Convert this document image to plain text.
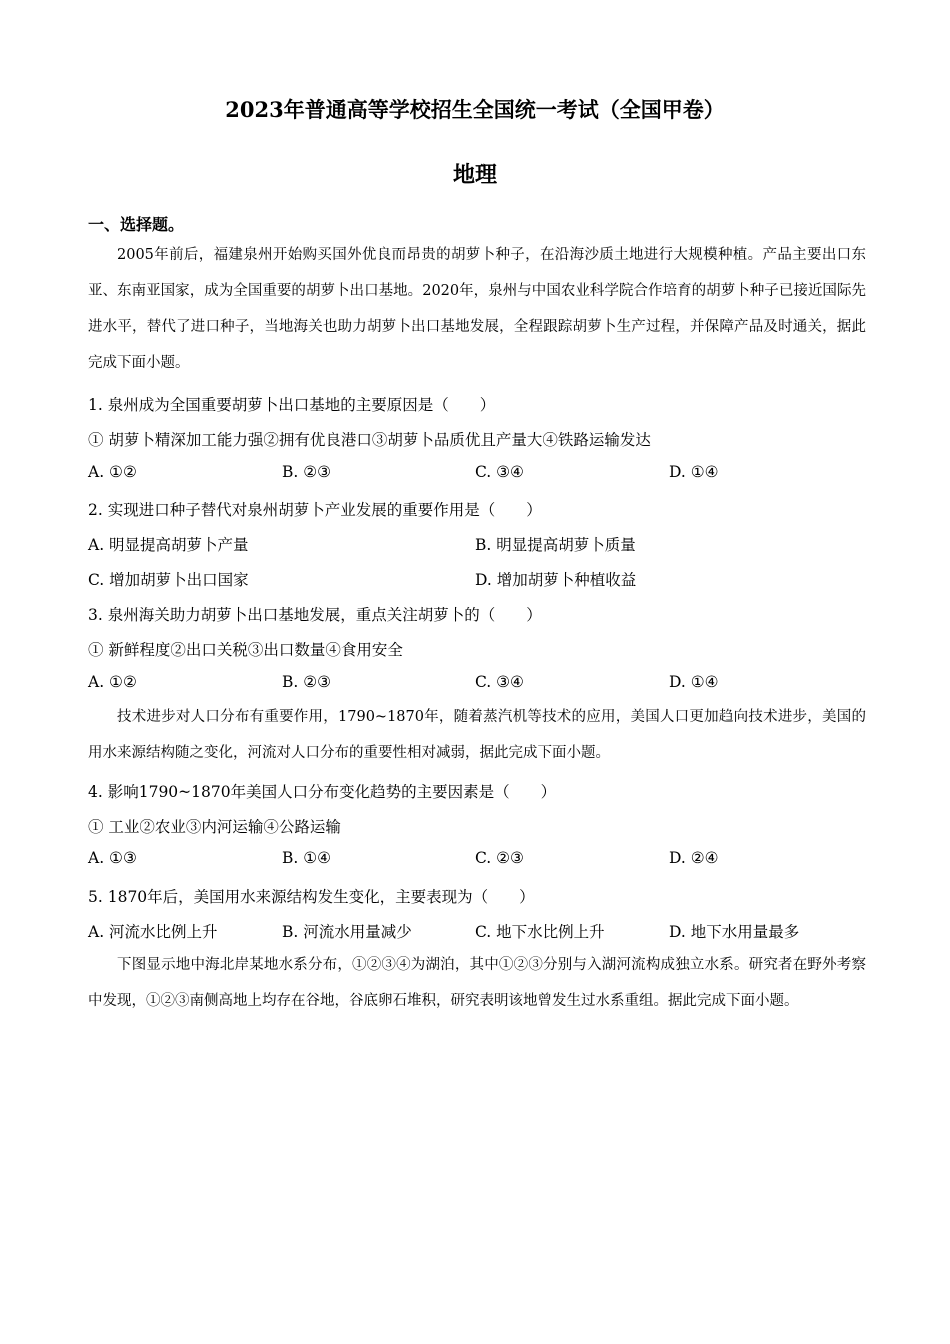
2023年普通高等学校招生全国统一考试（全国甲卷）
地理
一、选择题。
2005年前后，福建泉州开始购买国外优良而昂贵的胡萝卜种子，在沿海沙质土地进行大规模种植。产品主要出口东亚、东南亚国家，成为全国重要的胡萝卜出口基地。2020年，泉州与中国农业科学院合作培育的胡萝卜种子已接近国际先进水平，替代了进口种子，当地海关也助力胡萝卜出口基地发展，全程跟踪胡萝卜生产过程，并保障产品及时通关，据此完成下面小题。
1. 泉州成为全国重要胡萝卜出口基地的主要原因是（　　）
① 胡萝卜精深加工能力强②拥有优良港口③胡萝卜品质优且产量大④铁路运输发达
A. ①②	B. ②③	C. ③④	D. ①④
2. 实现进口种子替代对泉州胡萝卜产业发展的重要作用是（　　）
A. 明显提高胡萝卜产量	B. 明显提高胡萝卜质量
C. 增加胡萝卜出口国家	D. 增加胡萝卜种植收益
3. 泉州海关助力胡萝卜出口基地发展，重点关注胡萝卜的（　　）
① 新鲜程度②出口关税③出口数量④食用安全
A. ①②	B. ②③	C. ③④	D. ①④
技术进步对人口分布有重要作用，1790~1870年，随着蒸汽机等技术的应用，美国人口更加趋向技术进步，美国的用水来源结构随之变化，河流对人口分布的重要性相对减弱，据此完成下面小题。
4. 影响1790~1870年美国人口分布变化趋势的主要因素是（　　）
① 工业②农业③内河运输④公路运输
A. ①③	B. ①④	C. ②③	D. ②④
5. 1870年后，美国用水来源结构发生变化，主要表现为（　　）
A. 河流水比例上升	B. 河流水用量减少	C. 地下水比例上升	D. 地下水用量最多
下图显示地中海北岸某地水系分布，①②③④为湖泊，其中①②③分别与入湖河流构成独立水系。研究者在野外考察中发现，①②③南侧高地上均存在谷地，谷底卵石堆积，研究表明该地曾发生过水系重组。据此完成下面小题。
